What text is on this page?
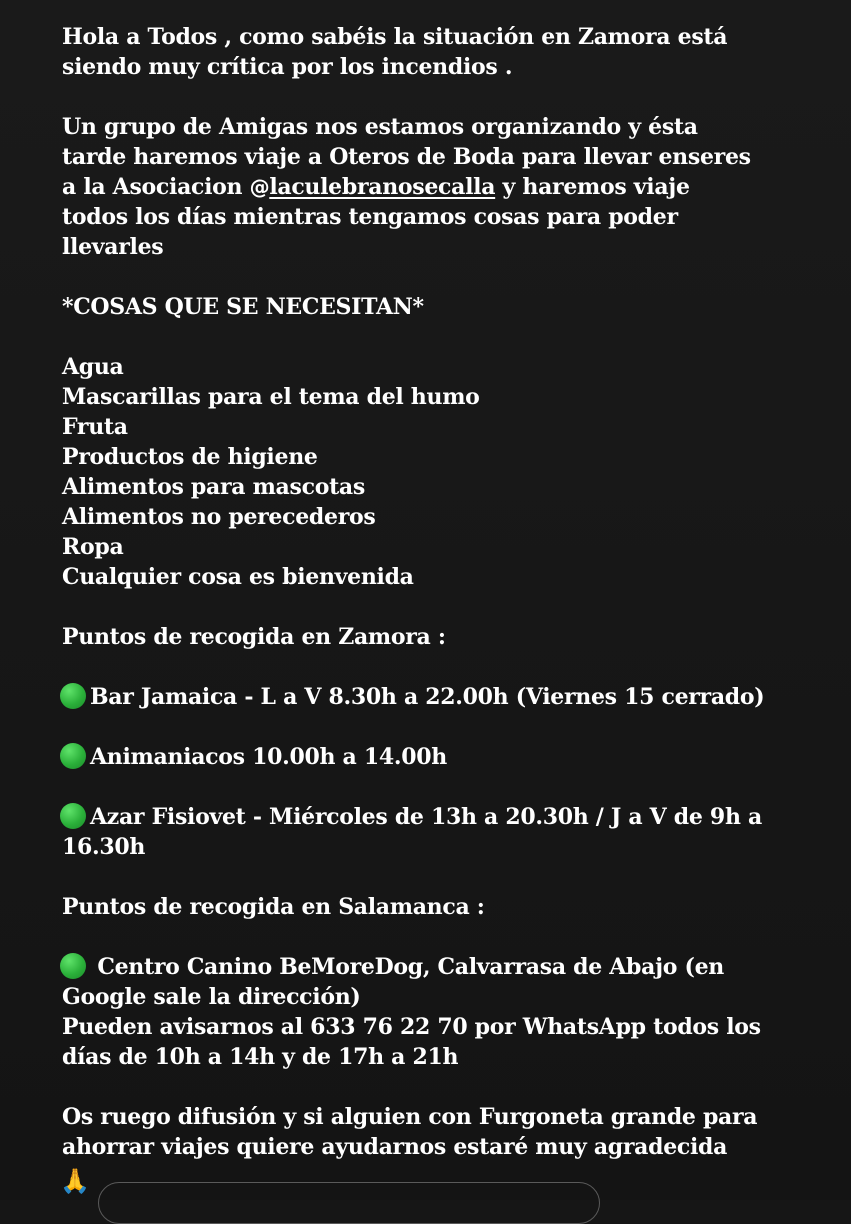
Hola a Todos , como sabéis la situación en Zamora está
siendo muy crítica por los incendios .
Un grupo de Amigas nos estamos organizando y ésta
tarde haremos viaje a Oteros de Boda para llevar enseres
a la Asociacion @laculebranosecalla y haremos viaje
todos los días mientras tengamos cosas para poder
llevarles
*COSAS QUE SE NECESITAN*
Agua
Mascarillas para el tema del humo
Fruta
Productos de higiene
Alimentos para mascotas
Alimentos no perecederos
Ropa
Cualquier cosa es bienvenida
Puntos de recogida en Zamora :
Bar Jamaica - L a V 8.30h a 22.00h (Viernes 15 cerrado)
Animaniacos 10.00h a 14.00h
Azar Fisiovet - Miércoles de 13h a 20.30h / J a V de 9h a
16.30h
Puntos de recogida en Salamanca :
Centro Canino BeMoreDog, Calvarrasa de Abajo (en
Google sale la dirección)
Pueden avisarnos al 633 76 22 70 por WhatsApp todos los
días de 10h a 14h y de 17h a 21h
Os ruego difusión y si alguien con Furgoneta grande para
ahorrar viajes quiere ayudarnos estaré muy agradecida
🙏
